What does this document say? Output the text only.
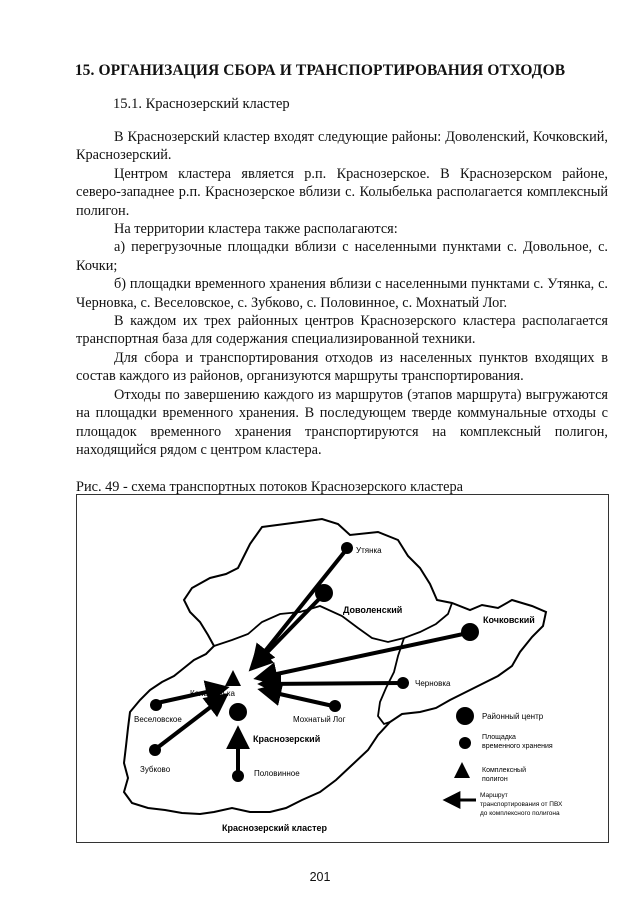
15. ОРГАНИЗАЦИЯ СБОРА И ТРАНСПОРТИРОВАНИЯ ОТХОДОВ
15.1. Краснозерский кластер

В Краснозерский кластер входят следующие районы: Доволенский, Кочковский, Краснозерский.

Центром кластера является р.п. Краснозерское. В Краснозерском районе, северо-западнее р.п. Краснозерское вблизи с. Колыбелька располагается комплексный полигон.

На территории кластера также располагаются:

а) перегрузочные площадки вблизи с населенными пунктами с. Довольное, с. Кочки;

б) площадки временного хранения вблизи с населенными пунктами с. Утянка, с. Черновка, с. Веселовское, с. Зубково, с. Половинное, с. Мохнатый Лог.

В каждом их трех районных центров Краснозерского кластера располагается транспортная база для содержания специализированной техники.

Для сбора и транспортирования отходов из населенных пунктов входящих в состав каждого из районов, организуются маршруты транспортирования.

Отходы по завершению каждого из маршрутов (этапов маршрута) выгружаются на площадки временного хранения. В последующем тверде коммунальные отходы с площадок временного хранения транспортируются на комплексный полигон, находящийся рядом с центром кластера.

Рис. 49 - схема транспортных потоков Краснозерского кластера
Утянка
Доволенский
Кочковский
Черновка
Колыбелька
Веселовское	Мохнатый Лог
Краснозерский
Зубково	Половинное
Районный центр
Площадка
временного хранения
Комплексный
полигон
Маршрут
транспортирования от ПВХ
до комплексного полигона
Краснозерский кластер
201
